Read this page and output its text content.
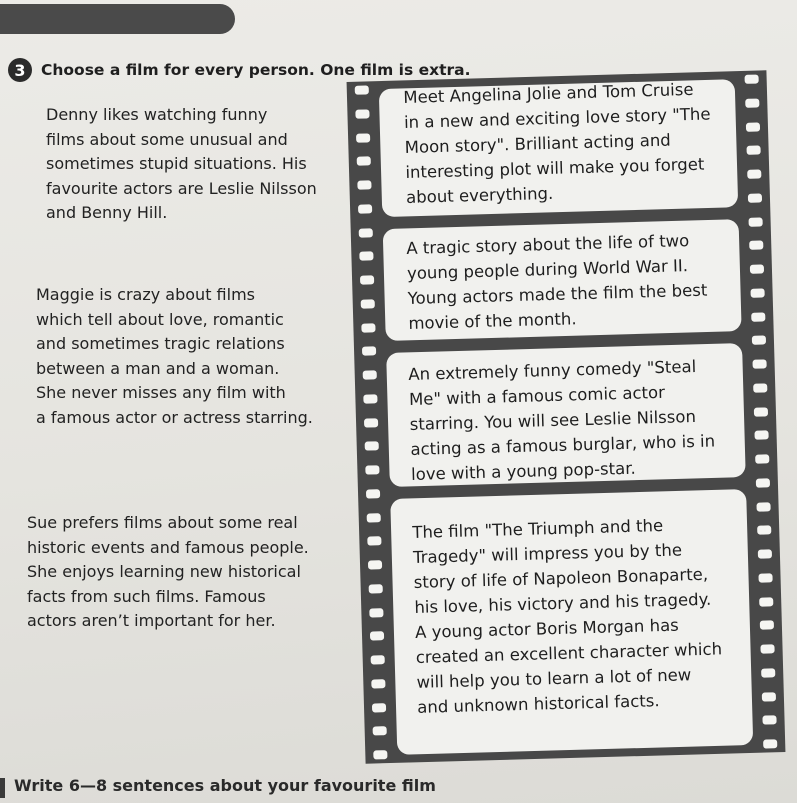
3 Choose a film for every person. One film is extra.
Denny likes watching funny
films about some unusual and
sometimes stupid situations. His
favourite actors are Leslie Nilsson
and Benny Hill.
Maggie is crazy about films
which tell about love, romantic
and sometimes tragic relations
between a man and a woman.
She never misses any film with
a famous actor or actress starring.
Sue prefers films about some real
historic events and famous people.
She enjoys learning new historical
facts from such films. Famous
actors aren’t important for her.
Meet Angelina Jolie and Tom Cruise
in a new and exciting love story "The
Moon story". Brilliant acting and
interesting plot will make you forget
about everything.
A tragic story about the life of two
young people during World War II.
Young actors made the film the best
movie of the month.
An extremely funny comedy "Steal
Me" with a famous comic actor
starring. You will see Leslie Nilsson
acting as a famous burglar, who is in
love with a young pop-star.
The film "The Triumph and the
Tragedy" will impress you by the
story of life of Napoleon Bonaparte,
his love, his victory and his tragedy.
A young actor Boris Morgan has
created an excellent character which
will help you to learn a lot of new
and unknown historical facts.
Write 6—8 sentences about your favourite film
